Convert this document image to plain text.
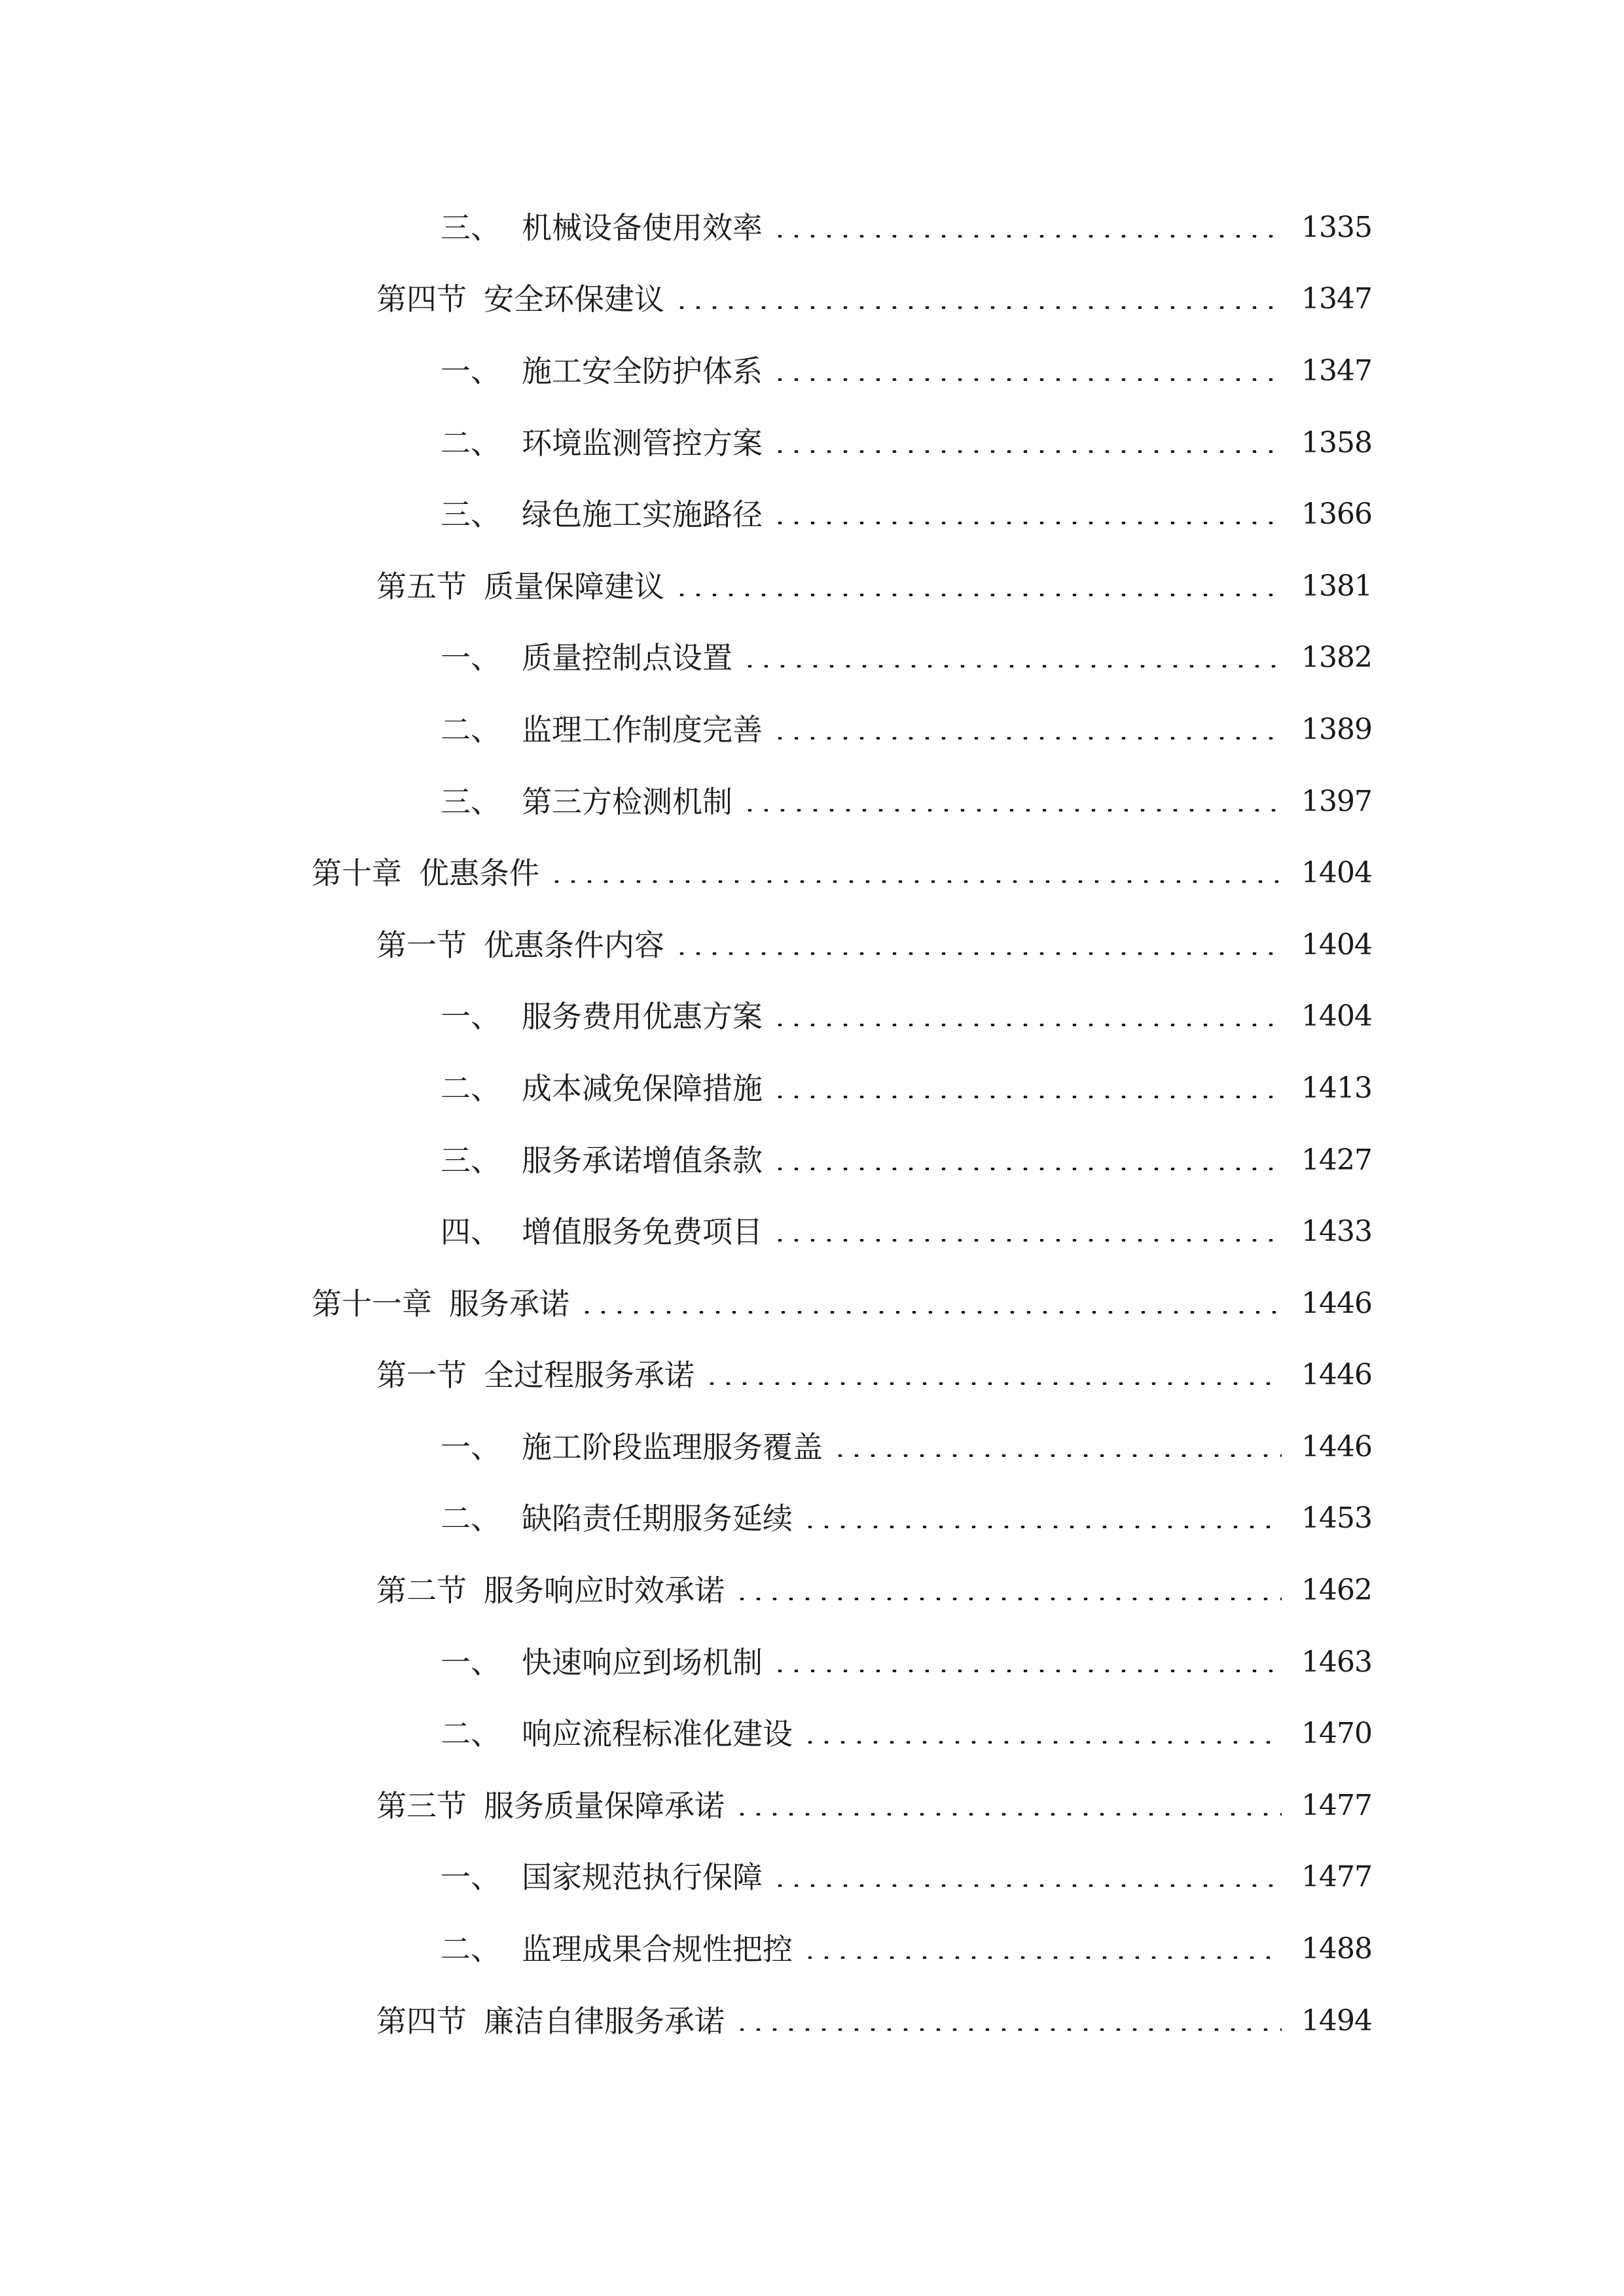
三、 机械设备使用效率	1335
第四节 安全环保建议	1347
一、 施工安全防护体系	1347
二、 环境监测管控方案	1358
三、 绿色施工实施路径	1366
第五节 质量保障建议	1381
一、 质量控制点设置	1382
二、 监理工作制度完善	1389
三、 第三方检测机制	1397
第十章 优惠条件	1404
第一节 优惠条件内容	1404
一、 服务费用优惠方案	1404
二、 成本减免保障措施	1413
三、 服务承诺增值条款	1427
四、 增值服务免费项目	1433
第十一章 服务承诺	1446
第一节 全过程服务承诺	1446
一、 施工阶段监理服务覆盖	1446
二、 缺陷责任期服务延续	1453
第二节 服务响应时效承诺	1462
一、 快速响应到场机制	1463
二、 响应流程标准化建设	1470
第三节 服务质量保障承诺	1477
一、 国家规范执行保障	1477
二、 监理成果合规性把控	1488
第四节 廉洁自律服务承诺	1494
